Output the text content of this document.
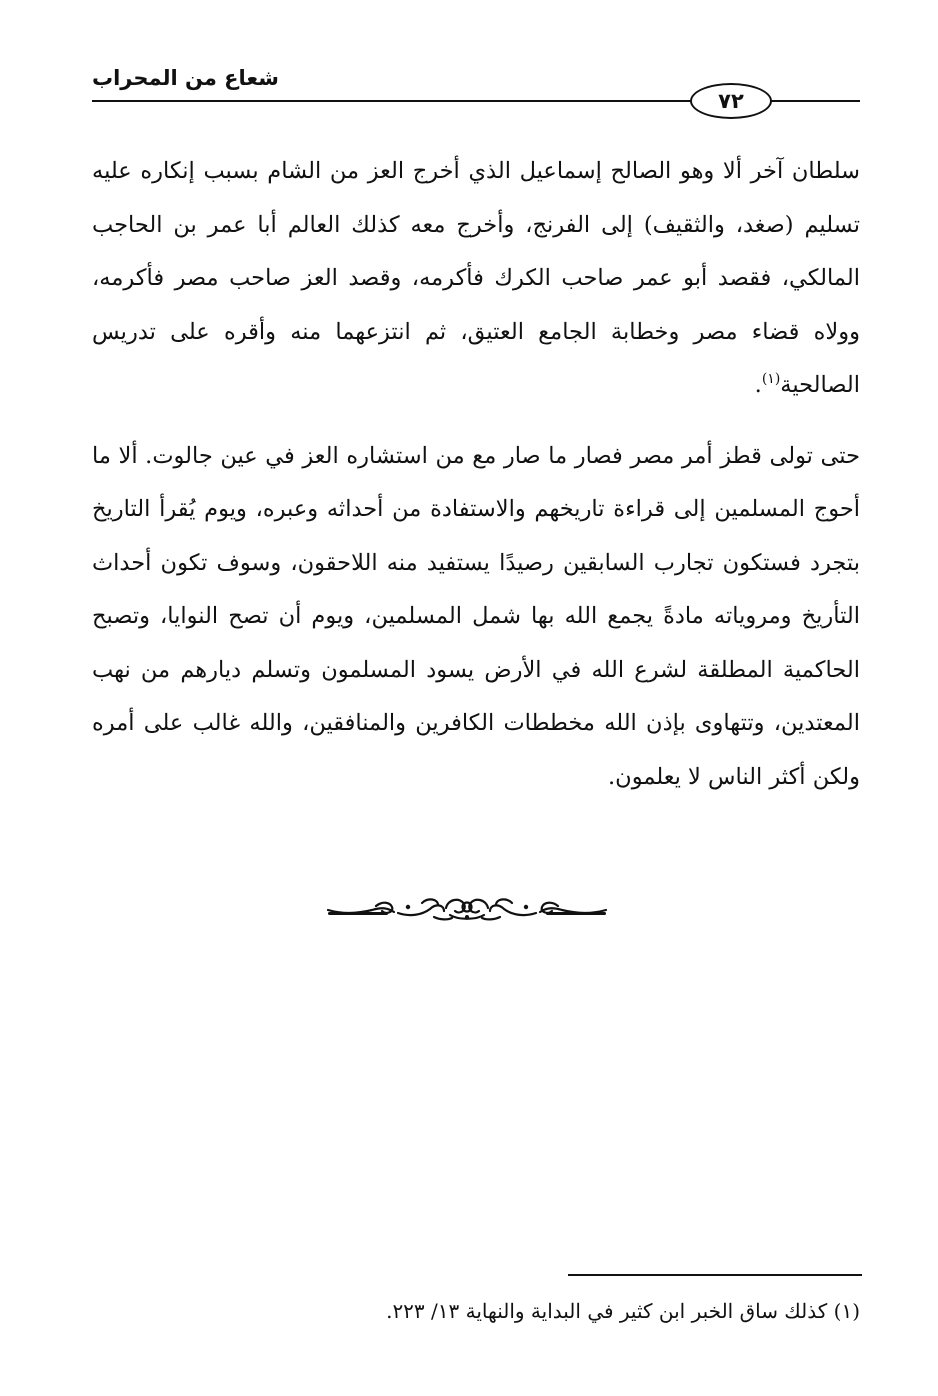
شعاع من المحراب
٧٢

سلطان آخر ألا وهو الصالح إسماعيل الذي أخرج العز من الشام بسبب إنكاره عليه تسليم (صغد، والثقيف) إلى الفرنج، وأخرج معه كذلك العالم أبا عمر بن الحاجب المالكي، فقصد أبو عمر صاحب الكرك فأكرمه، وقصد العز صاحب مصر فأكرمه، وولاه قضاء مصر وخطابة الجامع العتيق، ثم انتزعهما منه وأقره على تدريس الصالحية$^{(١)}$.

حتى تولى قطز أمر مصر فصار ما صار مع من استشاره العز في عين جالوت. ألا ما أحوج المسلمين إلى قراءة تاريخهم والاستفادة من أحداثه وعبره، ويوم يُقرأ التاريخ بتجرد فستكون تجارب السابقين رصيدًا يستفيد منه اللاحقون، وسوف تكون أحداث التأريخ ومروياته مادةً يجمع الله بها شمل المسلمين، ويوم أن تصح النوايا، وتصبح الحاكمية المطلقة لشرع الله في الأرض يسود المسلمون وتسلم ديارهم من نهب المعتدين، وتتهاوى بإذن الله مخططات الكافرين والمنافقين، والله غالب على أمره ولكن أكثر الناس لا يعلمون.

(١) كذلك ساق الخبر ابن كثير في البداية والنهاية ١٣/ ٢٢٣.
